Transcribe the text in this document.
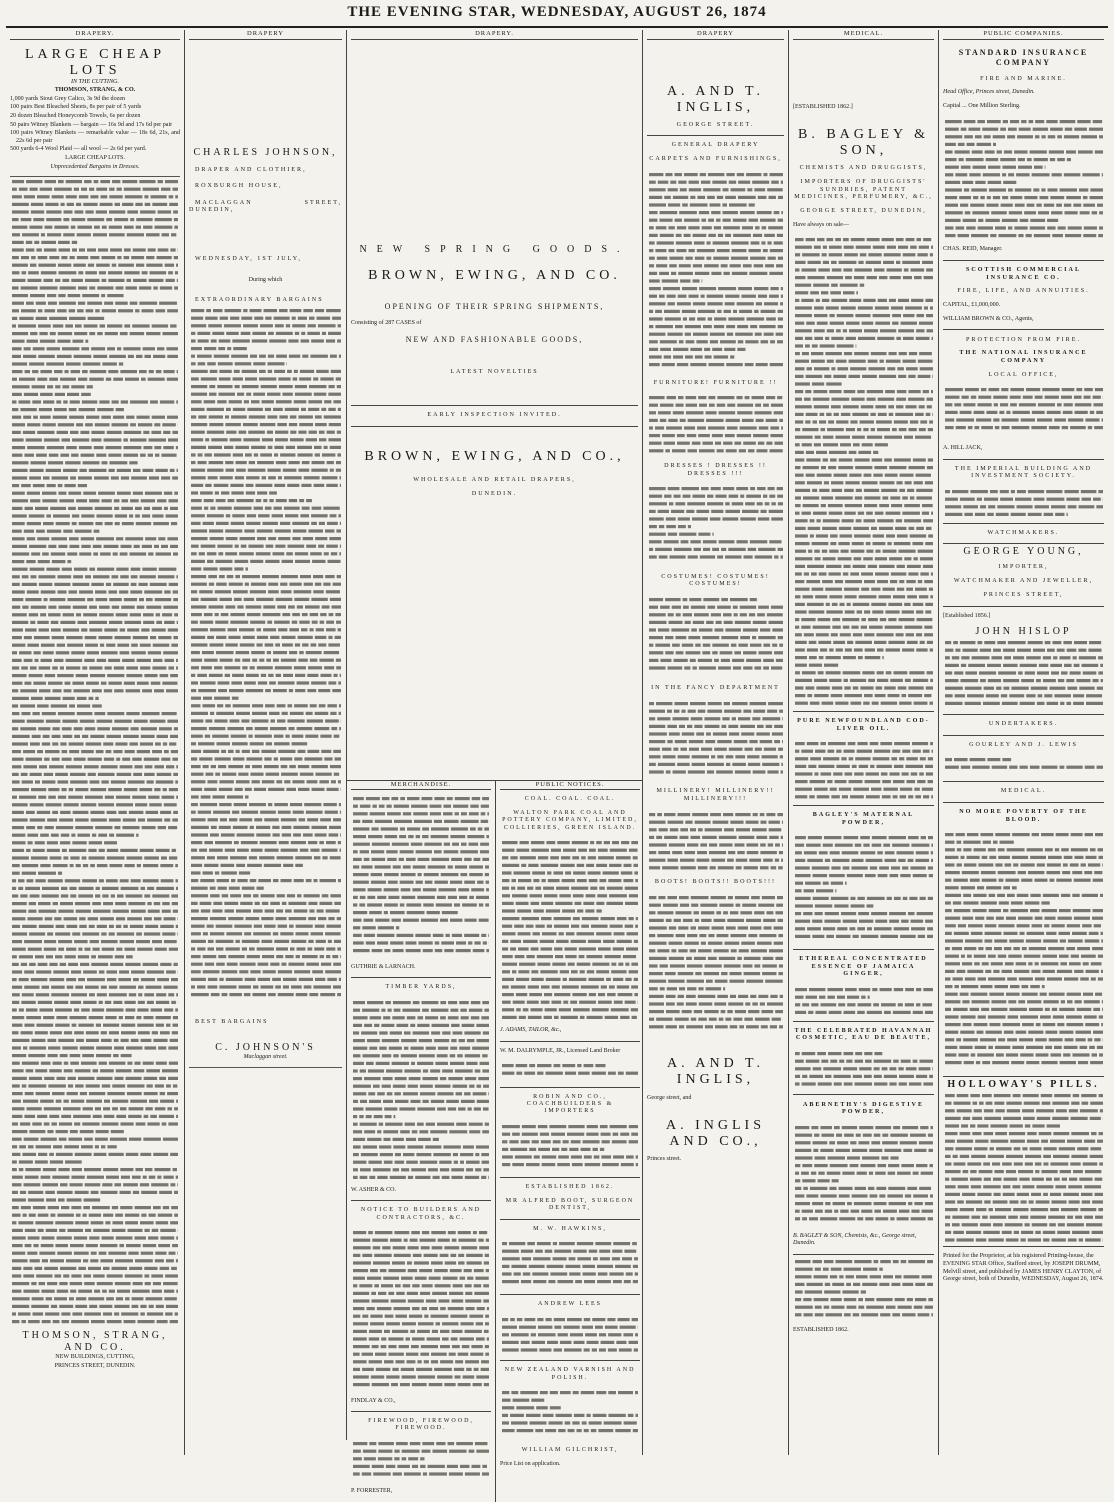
THE EVENING STAR, WEDNESDAY, AUGUST 26, 1874
DRAPERY.
LARGE CHEAP LOTS

IN THE CUTTING.

THOMSON, STRANG, & CO.

1,000 yards Stout Grey Calico, 3s 9d the dozen

100 pairs Best Bleached Sheets, 8s per pair of 5 yards

20 dozen Bleached Honeycomb Towels, 6s per dozen

50 pairs Witney Blankets — bargain — 16s 9d and 17s 6d per pair

100 pairs Witney Blankets — remarkable value — 18s 6d, 21s, and 22s 6d per pair

500 yards 6-4 Wool Plaid — all wool — 2s 6d per yard.

LARGE CHEAP LOTS.

Unprecedented Bargains in Dresses.

THOMSON, STRANG, AND CO.

NEW BUILDINGS, CUTTING,

PRINCES STREET, DUNEDIN.

DRAPERY
CHARLES JOHNSON,

DRAPER AND CLOTHIER,

ROXBURGH HOUSE,

MACLAGGAN STREET, DUNEDIN,

WEDNESDAY, 1ST JULY,

During which

EXTRAORDINARY BARGAINS

BEST BARGAINS

C. JOHNSON'S

Maclaggan street.

DRAPERY.
NEW SPRING GOODS.
BROWN, EWING, AND CO.

OPENING OF THEIR SPRING SHIPMENTS,

Consisting of 287 CASES of

NEW AND FASHIONABLE GOODS,

LATEST NOVELTIES

EARLY INSPECTION INVITED.

BROWN, EWING, AND CO.,

WHOLESALE AND RETAIL DRAPERS,

DUNEDIN.

DRAPERY
A. AND T. INGLIS,

GEORGE STREET.

GENERAL DRAPERY

CARPETS AND FURNISHINGS,

FURNITURE! FURNITURE !!

DRESSES ! DRESSES !! DRESSES !!!

COSTUMES! COSTUMES! COSTUMES!

IN THE FANCY DEPARTMENT

MILLINERY! MILLINERY!! MILLINERY!!!

BOOTS! BOOTS!! BOOTS!!!

A. AND T. INGLIS,

George street, and

A. INGLIS AND CO.,

Princes street.

MEDICAL.

[ESTABLISHED 1862.]

B. BAGLEY & SON,

CHEMISTS AND DRUGGISTS,

IMPORTERS OF DRUGGISTS' SUNDRIES, PATENT MEDICINES, PERFUMERY, &C.,

GEORGE STREET, DUNEDIN,

Have always on sale—

PURE NEWFOUNDLAND COD-LIVER OIL.

BAGLEY'S MATERNAL POWDER,

ETHEREAL CONCENTRATED ESSENCE OF JAMAICA GINGER,

THE CELEBRATED HAVANNAH COSMETIC, EAU DE BEAUTE,

ABERNETHY'S DIGESTIVE POWDER,

B. BAGLEY & SON, Chemists, &c., George street, Dunedin.

ESTABLISHED 1862.

PUBLIC COMPANIES.

STANDARD INSURANCE COMPANY

FIRE AND MARINE.

Head Office, Princes street, Dunedin.

Capital ... One Million Sterling.

CHAS. REID, Manager.

SCOTTISH COMMERCIAL INSURANCE CO.

FIRE, LIFE, AND ANNUITIES.

CAPITAL, £1,000,000.

WILLIAM BROWN & CO., Agents,

PROTECTION FROM FIRE.

THE NATIONAL INSURANCE COMPANY

LOCAL OFFICE,

A. HILL JACK,

THE IMPERIAL BUILDING AND INVESTMENT SOCIETY.

WATCHMAKERS.

GEORGE YOUNG,

IMPORTER,

WATCHMAKER AND JEWELLER,

PRINCES STREET,

[Established 1856.]

JOHN HISLOP

UNDERTAKERS.

GOURLEY AND J. LEWIS

MEDICAL.

NO MORE POVERTY OF THE BLOOD.

HOLLOWAY'S PILLS.

Printed for the Proprietor, at his registered Printing-house, the EVENING STAR Office, Stafford street, by JOSEPH DRUMM, Melvill street, and published by JAMES HENRY CLAYTON, of George street, both of Dunedin, WEDNESDAY, August 26, 1874.

MERCHANDISE.

GUTHRIE & LARNACH.

TIMBER YARDS,

W. ASHER & CO.

NOTICE TO BUILDERS AND CONTRACTORS, &C.

FINDLAY & CO.,

FIREWOOD, FIREWOOD, FIREWOOD.

P. FORRESTER,

PUBLIC NOTICES.

COAL. COAL. COAL.

WALTON PARK COAL AND POTTERY COMPANY, LIMITED, COLLIERIES, GREEN ISLAND.

J. ADAMS, TAILOR, &c.,

W. M. DALRYMPLE, JR., Licensed Land Broker

ROBIN AND CO., COACHBUILDERS & IMPORTERS

ESTABLISHED 1862.

MR ALFRED BOOT, SURGEON DENTIST,

M. W. HAWKINS,

ANDREW LEES

NEW ZEALAND VARNISH AND POLISH.

WILLIAM GILCHRIST,

Price List on application.
